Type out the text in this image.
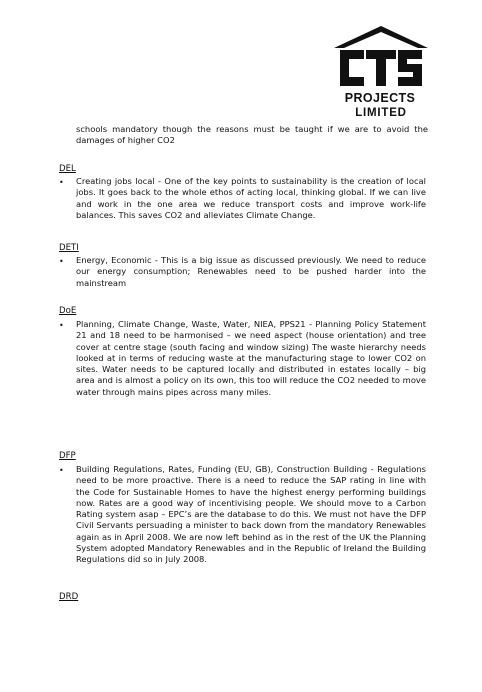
PROJECTS
LIMITED
schools mandatory though the reasons must be taught if we are to avoid the damages of higher CO2
DEL
• Creating jobs local - One of the key points to sustainability is the creation of local jobs. It goes back to the whole ethos of acting local, thinking global. If we can live and work in the one area we reduce transport costs and improve work-life balances. This saves CO2 and alleviates Climate Change.
DETI
• Energy, Economic - This is a big issue as discussed previously. We need to reduce our energy consumption; Renewables need to be pushed harder into the mainstream
DoE
• Planning, Climate Change, Waste, Water, NIEA, PPS21 - Planning Policy Statement 21 and 18 need to be harmonised – we need aspect (house orientation) and tree cover at centre stage (south facing and window sizing) The waste hierarchy needs looked at in terms of reducing waste at the manufacturing stage to lower CO2 on sites. Water needs to be captured locally and distributed in estates locally – big area and is almost a policy on its own, this too will reduce the CO2 needed to move water through mains pipes across many miles.
DFP
• Building Regulations, Rates, Funding (EU, GB), Construction Building - Regulations need to be more proactive. There is a need to reduce the SAP rating in line with the Code for Sustainable Homes to have the highest energy performing buildings now. Rates are a good way of incentivising people. We should move to a Carbon Rating system asap – EPC’s are the database to do this. We must not have the DFP Civil Servants persuading a minister to back down from the mandatory Renewables again as in April 2008. We are now left behind as in the rest of the UK the Planning System adopted Mandatory Renewables and in the Republic of Ireland the Building Regulations did so in July 2008.
DRD
